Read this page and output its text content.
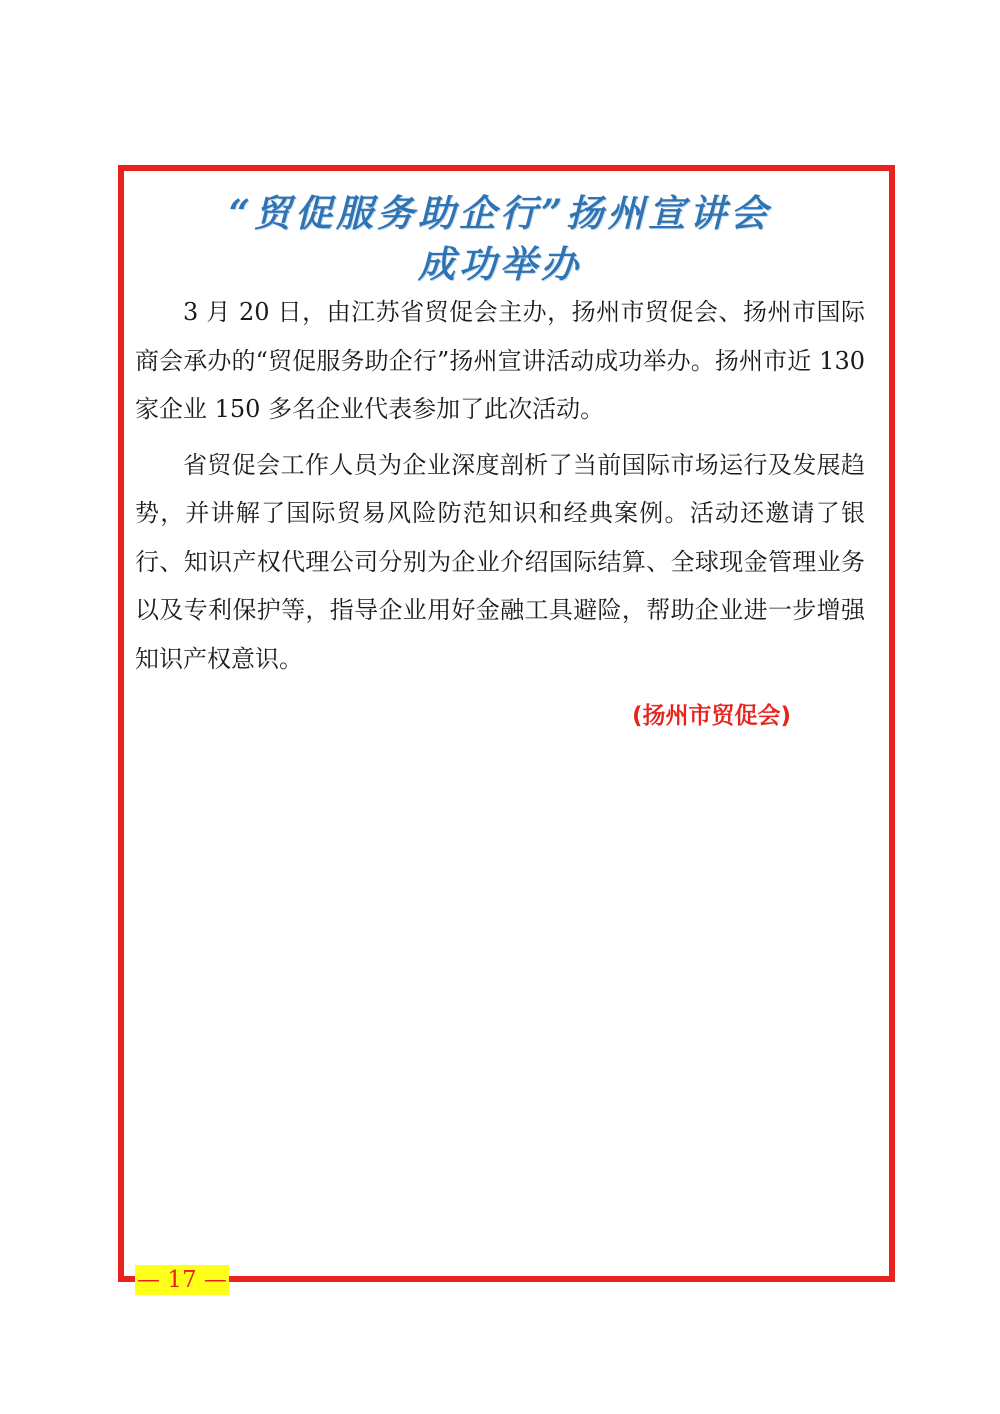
“贸促服务助企行”扬州宣讲会
成功举办

3 月 20 日，由江苏省贸促会主办，扬州市贸促会、扬州市国际商会承办的“贸促服务助企行”扬州宣讲活动成功举办。扬州市近 130 家企业 150 多名企业代表参加了此次活动。

省贸促会工作人员为企业深度剖析了当前国际市场运行及发展趋势，并讲解了国际贸易风险防范知识和经典案例。活动还邀请了银行、知识产权代理公司分别为企业介绍国际结算、全球现金管理业务以及专利保护等，指导企业用好金融工具避险，帮助企业进一步增强知识产权意识。

(扬州市贸促会)
— 17 —
